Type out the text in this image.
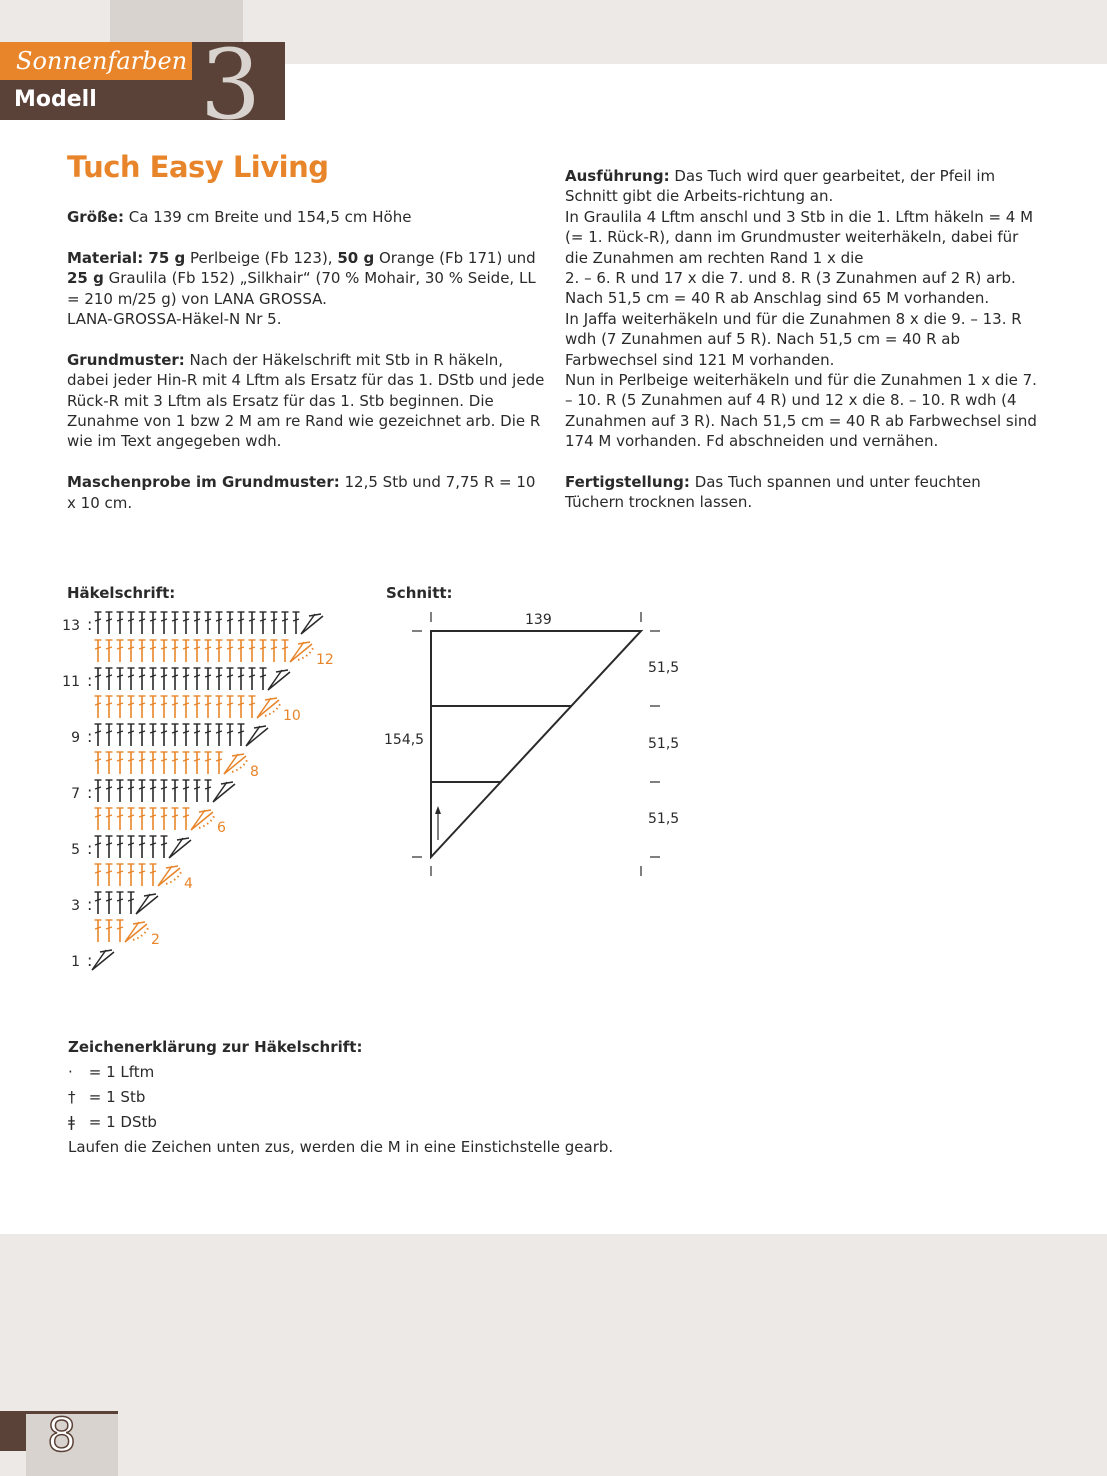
Sonnenfarben
Modell	3
Tuch Easy Living

Größe: Ca 139 cm Breite und 154,5 cm Höhe

Material: 75 g Perlbeige (Fb 123), 50 g Orange (Fb 171) und 25 g Graulila (Fb 152) „Silkhair“ (70 % Mohair, 30 % Seide, LL = 210 m/25 g) von LANA GROSSA.
LANA-GROSSA-Häkel-N Nr 5.

Grundmuster: Nach der Häkelschrift mit Stb in R häkeln, dabei jeder Hin-R mit 4 Lftm als Ersatz für das 1. DStb und jede Rück-R mit 3 Lftm als Ersatz für das 1. Stb beginnen. Die Zunahme von 1 bzw 2 M am re Rand wie gezeichnet arb. Die R wie im Text angegeben wdh.

Maschenprobe im Grundmuster: 12,5 Stb und 7,75 R = 10 x 10 cm.

Ausführung: Das Tuch wird quer gearbeitet, der Pfeil im Schnitt gibt die Arbeits-richtung an.
In Graulila 4 Lftm anschl und 3 Stb in die 1. Lftm häkeln = 4 M (= 1. Rück-R), dann im Grundmuster weiterhäkeln, dabei für die Zunahmen am rechten Rand 1 x die
2. – 6. R und 17 x die 7. und 8. R (3 Zunahmen auf 2 R) arb. Nach 51,5 cm = 40 R ab Anschlag sind 65 M vorhanden.
In Jaffa weiterhäkeln und für die Zunahmen 8 x die 9. – 13. R wdh (7 Zunahmen auf 5 R). Nach 51,5 cm = 40 R ab Farbwechsel sind 121 M vorhanden.
Nun in Perlbeige weiterhäkeln und für die Zunahmen 1 x die 7. – 10. R (5 Zunahmen auf 4 R) und 12 x die 8. – 10. R wdh (4 Zunahmen auf 3 R). Nach 51,5 cm = 40 R ab Farbwechsel sind 174 M vorhanden. Fd abschneiden und vernähen.

Fertigstellung: Das Tuch spannen und unter feuchten Tüchern trocknen lassen.

Häkelschrift:
13 :
12
11 :
10
9 :
8
7 :
6
5 :
4
3 :
2
1 :
Schnitt:
139
154,5
51,5
51,5
51,5
Zeichenerklärung zur Häkelschrift:
· = 1 Lftm
† = 1 Stb
ǂ = 1 DStb
Laufen die Zeichen unten zus, werden die M in eine Einstichstelle gearb.
8
